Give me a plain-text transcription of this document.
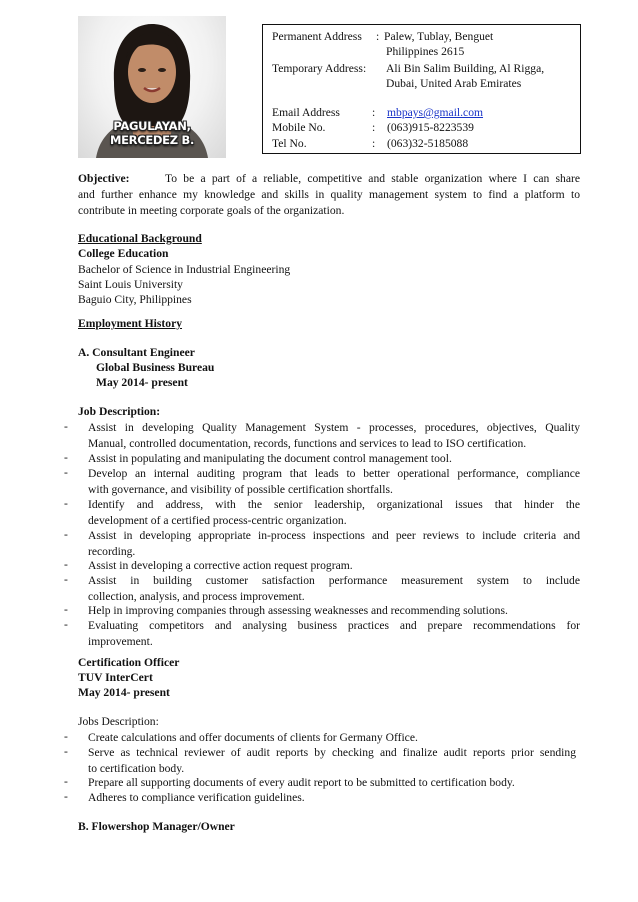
PAGULAYAN, MERCEDEZ B.
Permanent Address : Palew, Tublay, Benguet
Philippines 2615
Temporary Address: Ali Bin Salim Building, Al Rigga,
Dubai, United Arab Emirates
Email Address	: mbpays@gmail.com
Mobile No.	: (063)915-8223539
Tel No.	: (063)32-5185088
Objective:	To be a part of a reliable, competitive and stable organization where I can share
and further enhance my knowledge and skills in quality management system to find a platform to
contribute in meeting corporate goals of the organization.
Educational Background
College Education
Bachelor of Science in Industrial Engineering
Saint Louis University
Baguio City, Philippines
Employment History
A. Consultant Engineer
Global Business Bureau
May 2014- present
Job Description:
- Assist in developing Quality Management System - processes, procedures, objectives, Quality
Manual, controlled documentation, records, functions and services to lead to ISO certification.
- Assist in populating and manipulating the document control management tool.
- Develop an internal auditing program that leads to better operational performance, compliance
with governance, and visibility of possible certification shortfalls.
- Identify and address, with the senior leadership, organizational issues that hinder the
development of a certified process-centric organization.
- Assist in developing appropriate in-process inspections and peer reviews to include criteria and
recording.
- Assist in developing a corrective action request program.
- Assist in building customer satisfaction performance measurement system to include
collection, analysis, and process improvement.
- Help in improving companies through assessing weaknesses and recommending solutions.
- Evaluating competitors and analysing business practices and prepare recommendations for
improvement.
Certification Officer
TUV InterCert
May 2014- present
Jobs Description:
- Create calculations and offer documents of clients for Germany Office.
- Serve as technical reviewer of audit reports by checking and finalize audit reports prior sending
to certification body.
- Prepare all supporting documents of every audit report to be submitted to certification body.
- Adheres to compliance verification guidelines.
B. Flowershop Manager/Owner
